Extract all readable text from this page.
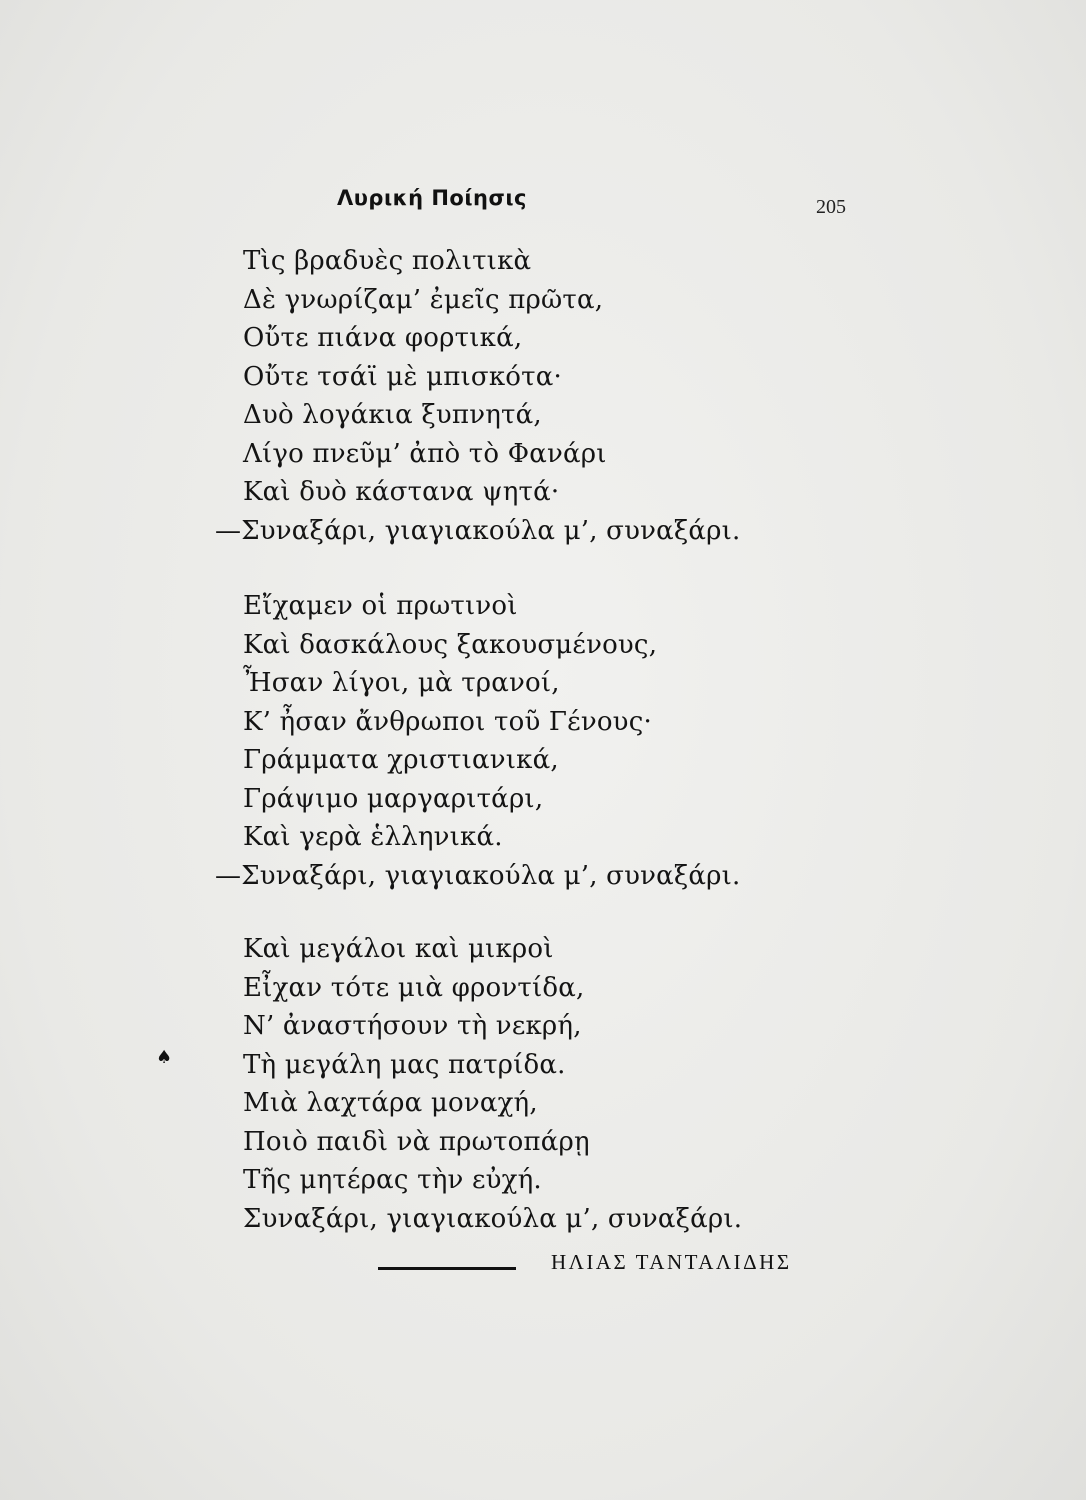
Λυρική Ποίησις	205
Τὶς βραδυὲς πολιτικὰ
Δὲ γνωρίζαμ’ ἐμεῖς πρῶτα,
Οὔτε πιάνα φορτικά,
Οὔτε τσάϊ μὲ μπισκότα·
Δυὸ λογάκια ξυπνητά,
Λίγο πνεῦμ’ ἀπὸ τὸ Φανάρι
Καὶ δυὸ κάστανα ψητά·
—Συναξάρι, γιαγιακούλα μ’, συναξάρι.
Εἴχαμεν οἱ πρωτινοὶ
Καὶ δασκάλους ξακουσμένους,
Ἦσαν λίγοι, μὰ τρανοί,
Κ’ ἦσαν ἄνθρωποι τοῦ Γένους·
Γράμματα χριστιανικά,
Γράψιμο μαργαριτάρι,
Καὶ γερὰ ἑλληνικά.
—Συναξάρι, γιαγιακούλα μ’, συναξάρι.
Καὶ μεγάλοι καὶ μικροὶ
Εἶχαν τότε μιὰ φροντίδα,
Ν’ ἀναστήσουν τὴ νεκρή,
Τὴ μεγάλη μας πατρίδα.
Μιὰ λαχτάρα μοναχή,
Ποιὸ παιδὶ νὰ πρωτοπάρῃ
Τῆς μητέρας τὴν εὐχή.
Συναξάρι, γιαγιακούλα μ’, συναξάρι.
♠
ΗΛΙΑΣ ΤΑΝΤΑΛΙΔΗΣ
